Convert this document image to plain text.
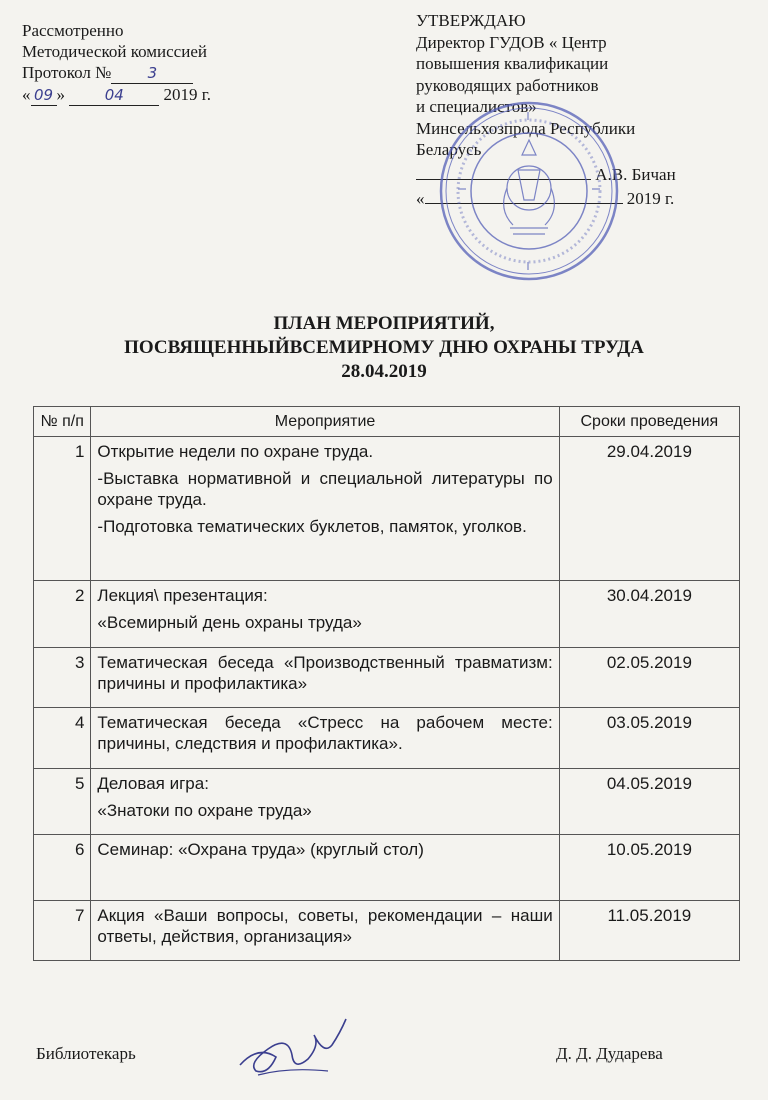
Рассмотренно
Методической комиссией
Протокол № 3
« 09 »	04 2019 г.
УТВЕРЖДАЮ
Директор ГУДОВ « Центр
повышения квалификации
руководящих работников
и специалистов»
Минсельхозпрода Республики
Беларусь
А.В. Бичан
«	2019 г.
ПЛАН МЕРОПРИЯТИЙ,
ПОСВЯЩЕННЫЙВСЕМИРНОМУ ДНЮ ОХРАНЫ ТРУДА
28.04.2019
№ п/п	Мероприятие	Сроки проведения
1	Открытие недели по охране труда.

-Выставка нормативной и специальной литературы по охране труда.

-Подготовка тематических буклетов, памяток, уголков.	29.04.2019
2	Лекция\ презентация:

«Всемирный день охраны труда»	30.04.2019
3	Тематическая беседа «Производственный травматизм: причины и профилактика»	02.05.2019
4	Тематическая беседа «Стресс на рабочем месте: причины, следствия и профилактика».	03.05.2019
5	Деловая игра:

«Знатоки по охране труда»	04.05.2019
6	Семинар: «Охрана труда» (круглый стол)	10.05.2019
7	Акция «Ваши вопросы, советы, рекомендации – наши ответы, действия, организация»	11.05.2019
Библиотекарь	Д. Д. Дударева
